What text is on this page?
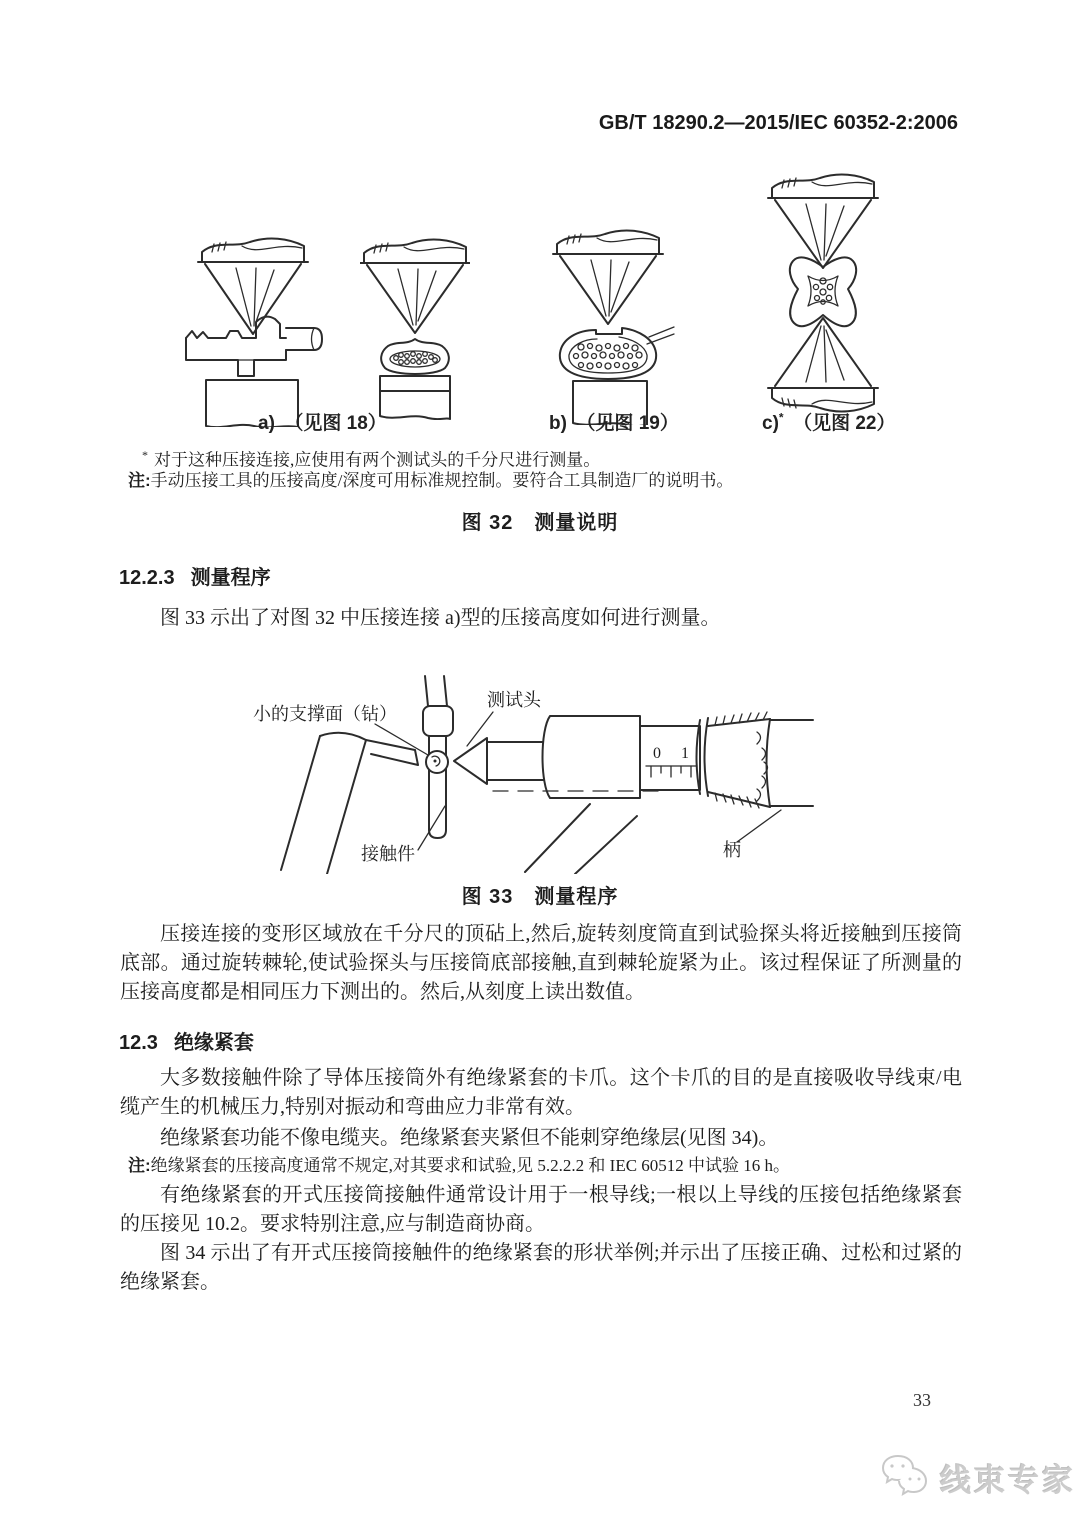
GB/T 18290.2—2015/IEC 60352-2:2006
a)　（见图 18）	b)　（见图 19）	c)*　（见图 22）
* 对于这种压接连接,应使用有两个测试头的千分尺进行测量。
注:手动压接工具的压接高度/深度可用标准规控制。要符合工具制造厂的说明书。
图 32　测量说明
12.2.3 测量程序
图 33 示出了对图 32 中压接连接 a)型的压接高度如何进行测量。
0 1
小的支撑面（钻）
测试头
接触件	柄
图 33　测量程序
压接连接的变形区域放在千分尺的顶砧上,然后,旋转刻度筒直到试验探头将近接触到压接筒底部。通过旋转棘轮,使试验探头与压接筒底部接触,直到棘轮旋紧为止。该过程保证了所测量的压接高度都是相同压力下测出的。然后,从刻度上读出数值。
12.3 绝缘紧套
大多数接触件除了导体压接筒外有绝缘紧套的卡爪。这个卡爪的目的是直接吸收导线束/电缆产生的机械压力,特别对振动和弯曲应力非常有效。
绝缘紧套功能不像电缆夹。绝缘紧套夹紧但不能刺穿绝缘层(见图 34)。
注:绝缘紧套的压接高度通常不规定,对其要求和试验,见 5.2.2.2 和 IEC 60512 中试验 16 h。
有绝缘紧套的开式压接筒接触件通常设计用于一根导线;一根以上导线的压接包括绝缘紧套的压接见 10.2。要求特别注意,应与制造商协商。
图 34 示出了有开式压接筒接触件的绝缘紧套的形状举例;并示出了压接正确、过松和过紧的绝缘紧套。
33
线束专家
